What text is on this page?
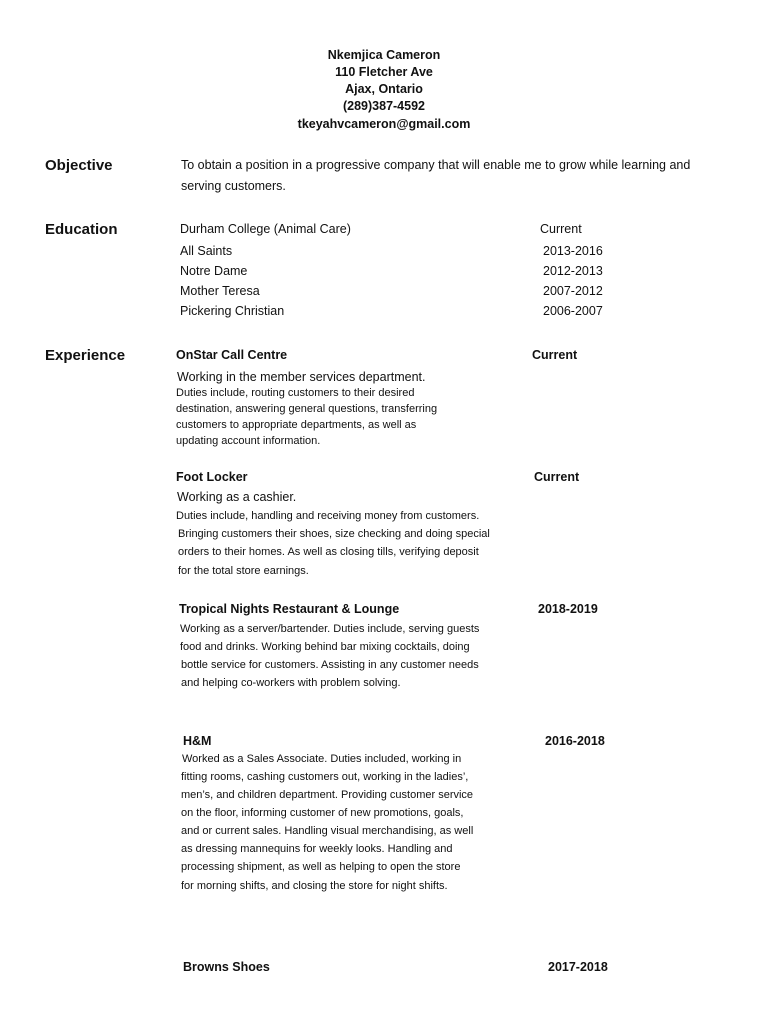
Nkemjica Cameron
110 Fletcher Ave
Ajax, Ontario
(289)387-4592
tkeyahvcameron@gmail.com
Objective	To obtain a position in a progressive company that will enable me to grow while learning and
serving customers.
Education	Durham College (Animal Care)	Current
All Saints	2013-2016
Notre Dame	2012-2013
Mother Teresa	2007-2012
Pickering Christian	2006-2007
Experience	OnStar Call Centre	Current
Working in the member services department.
Duties include, routing customers to their desired
destination, answering general questions, transferring
customers to appropriate departments, as well as
updating account information.
Foot Locker	Current
Working as a cashier.
Duties include, handling and receiving money from customers.
Bringing customers their shoes, size checking and doing special
orders to their homes. As well as closing tills, verifying deposit
for the total store earnings.
Tropical Nights Restaurant & Lounge	2018-2019
Working as a server/bartender. Duties include, serving guests
food and drinks. Working behind bar mixing cocktails, doing
bottle service for customers. Assisting in any customer needs
and helping co-workers with problem solving.
H&M	2016-2018
Worked as a Sales Associate. Duties included, working in
fitting rooms, cashing customers out, working in the ladies’,
men’s, and children department. Providing customer service
on the floor, informing customer of new promotions, goals,
and or current sales. Handling visual merchandising, as well
as dressing mannequins for weekly looks. Handling and
processing shipment, as well as helping to open the store
for morning shifts, and closing the store for night shifts.
Browns Shoes	2017-2018
